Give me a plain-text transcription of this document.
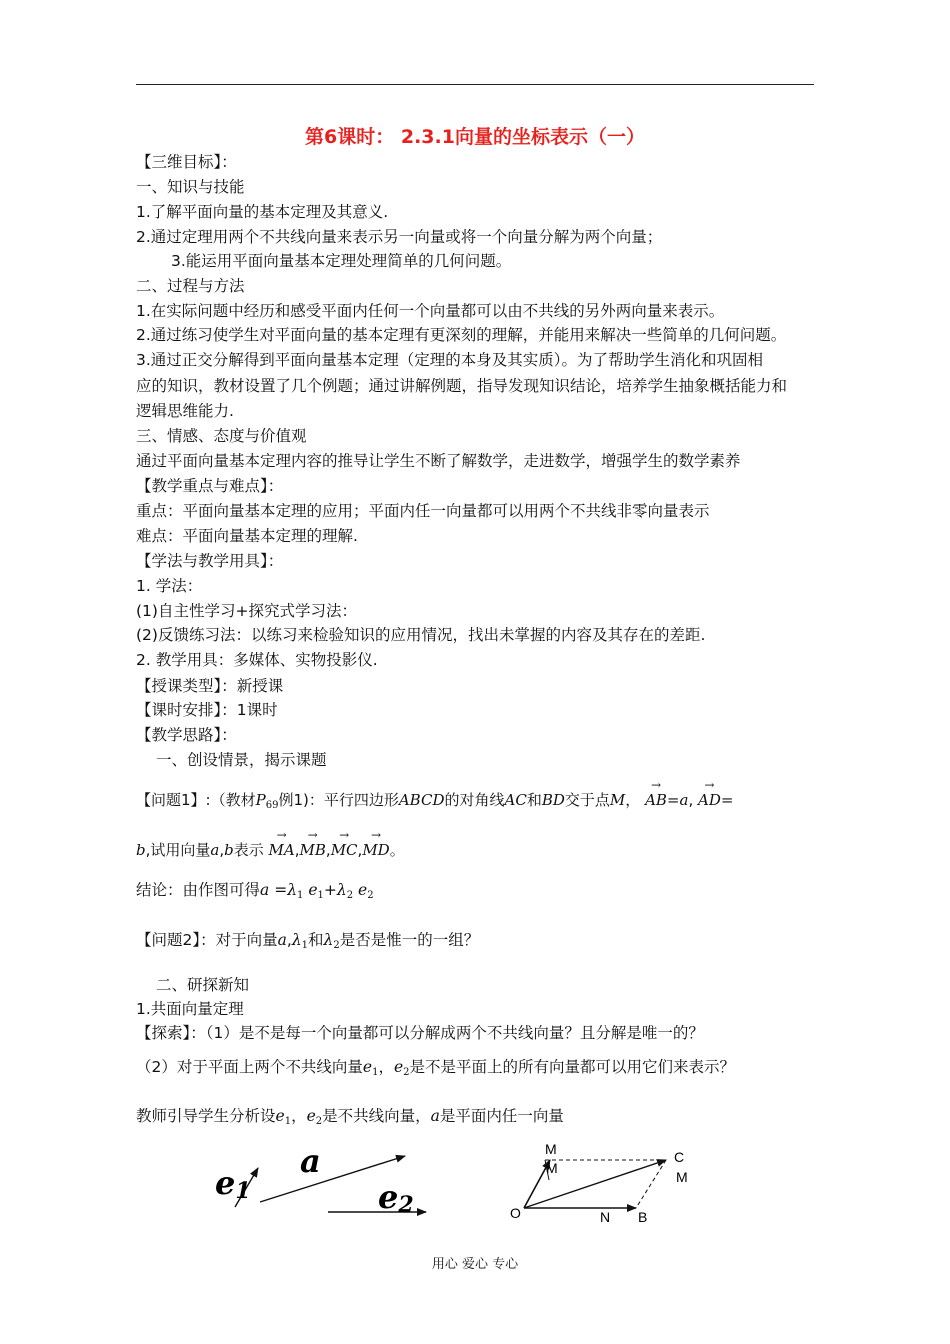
第6课时： 2.3.1向量的坐标表示（一）
【三维目标】：
一、知识与技能
1.了解平面向量的基本定理及其意义.
2.通过定理用两个不共线向量来表示另一向量或将一个向量分解为两个向量；
3.能运用平面向量基本定理处理简单的几何问题。
二、过程与方法
1.在实际问题中经历和感受平面内任何一个向量都可以由不共线的另外两向量来表示。
2.通过练习使学生对平面向量的基本定理有更深刻的理解，并能用来解决一些简单的几何问题。
3.通过正交分解得到平面向量基本定理（定理的本身及其实质）。为了帮助学生消化和巩固相
应的知识，教材设置了几个例题；通过讲解例题，指导发现知识结论，培养学生抽象概括能力和
逻辑思维能力.
三、情感、态度与价值观
通过平面向量基本定理内容的推导让学生不断了解数学，走进数学，增强学生的数学素养
【教学重点与难点】：
重点：平面向量基本定理的应用；平面内任一向量都可以用两个不共线非零向量表示
难点：平面向量基本定理的理解.
【学法与教学用具】：
1. 学法：
(1)自主性学习+探究式学习法：
(2)反馈练习法：以练习来检验知识的应用情况，找出未掌握的内容及其存在的差距.
2. 教学用具：多媒体、实物投影仪.
【授课类型】：新授课
【课时安排】：1课时
【教学思路】：
一、创设情景，揭示课题
【问题1】:（教材$P_{69}$例1)：平行四边形ABCD的对角线AC和BD交于点M， → AB=a, → AD=
b,试用向量a,b表示 → MA,→ MB,→ MC,→ MD。
结论：由作图可得$a =\lambda_1$ $e_1+\lambda_2$ $e_2$
【问题2】：对于向量$a,\lambda_1$和$\lambda_2$是否是惟一的一组？
二、研探新知
1.共面向量定理
【探索】：（1）是不是每一个向量都可以分解成两个不共线向量？且分解是唯一的？
（2）对于平面上两个不共线向量$e_1$，$e_2$是不是平面上的所有向量都可以用它们来表示？
教师引导学生分析设$e_1$，$e_2$是不共线向量，a是平面内任一向量
e1
a
e2
M
M
C
M
O	N B
用心 爱心 专心
